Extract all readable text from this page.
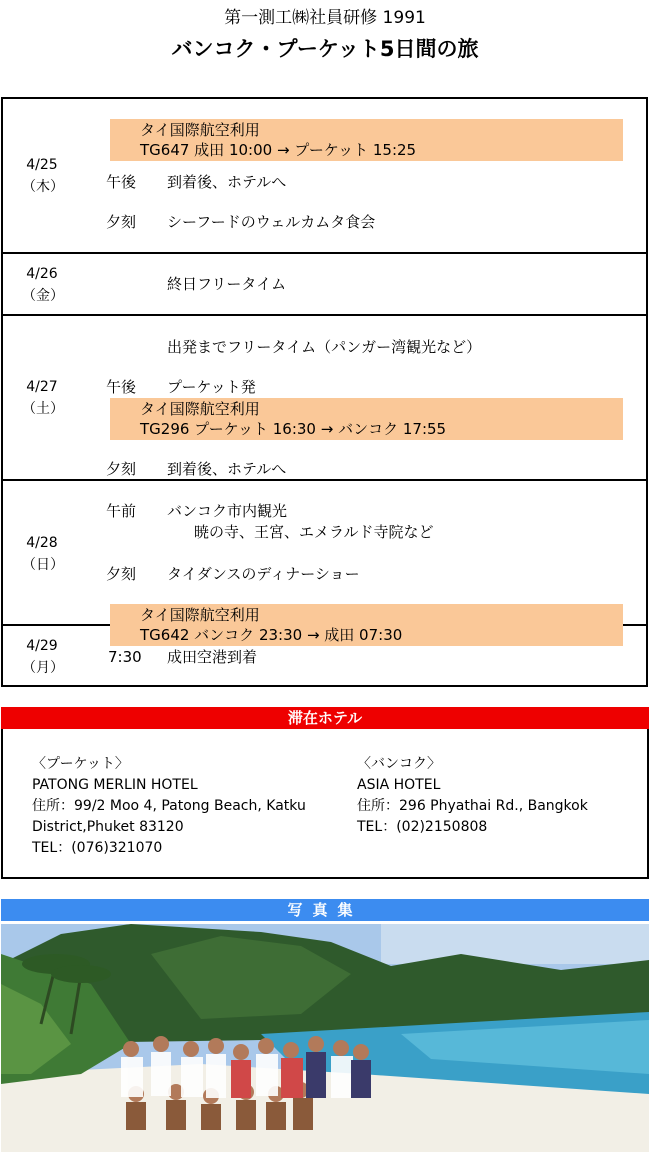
第一測工㈱社員研修 1991
バンコク・プーケット5日間の旅
4/25
（木）
タイ国際航空利用
TG647 成田 10:00 → プーケット 15:25
午後 到着後、ホテルへ
夕刻 シーフードのウェルカムタ食会
4/26
（金）
終日フリータイム
出発までフリータイム（パンガー湾観光など）
4/27
（土）
午後 プーケット発
タイ国際航空利用
TG296 プーケット 16:30 → バンコク 17:55
夕刻 到着後、ホテルへ
午前 バンコク市内観光
暁の寺、王宮、エメラルド寺院など
4/28
（日）	夕刻 タイダンスのディナーショー
タイ国際航空利用
TG642 バンコク 23:30 → 成田 07:30
4/29
（月）
7:30 成田空港到着
滞在ホテル
〈プーケット〉
PATONG MERLIN HOTEL
住所：99/2 Moo 4, Patong Beach, Katku
District,Phuket 83120
TEL：(076)321070
〈バンコク〉
ASIA HOTEL
住所：296 Phyathai Rd., Bangkok
TEL：(02)2150808
写真集
